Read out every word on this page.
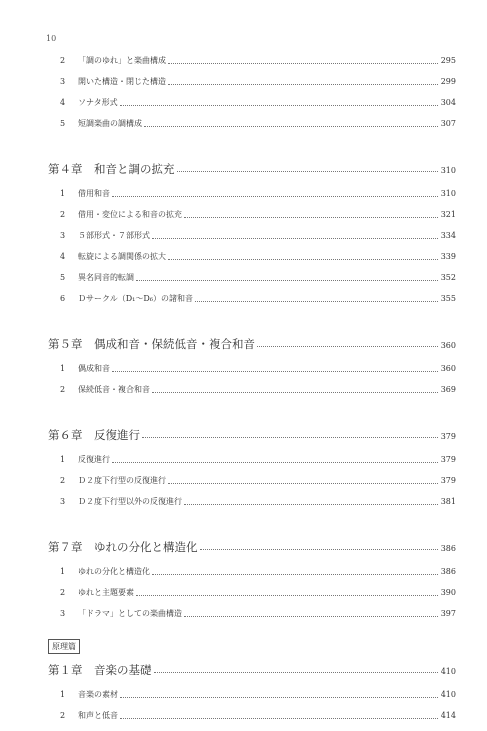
10
2	「調のゆれ」と楽曲構成	295
3	開いた構造・閉じた構造	299
4	ソナタ形式	304
5	短調楽曲の調構成	307
第４章　和音と調の拡充	310
1	借用和音	310
2	借用・変位による和音の拡充	321
3	５部形式・７部形式	334
4	転旋による調関係の拡大	339
5	異名同音的転調	352
6	Ｄサークル（D₁〜D₆）の諸和音	355
第５章　偶成和音・保続低音・複合和音	360
1	偶成和音	360
2	保続低音・複合和音	369
第６章　反復進行	379
1	反復進行	379
2	Ｄ２度下行型の反復進行	379
3	Ｄ２度下行型以外の反復進行	381
第７章　ゆれの分化と構造化	386
1	ゆれの分化と構造化	386
2	ゆれと主題要素	390
3	「ドラマ」としての楽曲構造	397
原理篇
第１章　音楽の基礎	410
1	音楽の素材	410
2	和声と低音	414
